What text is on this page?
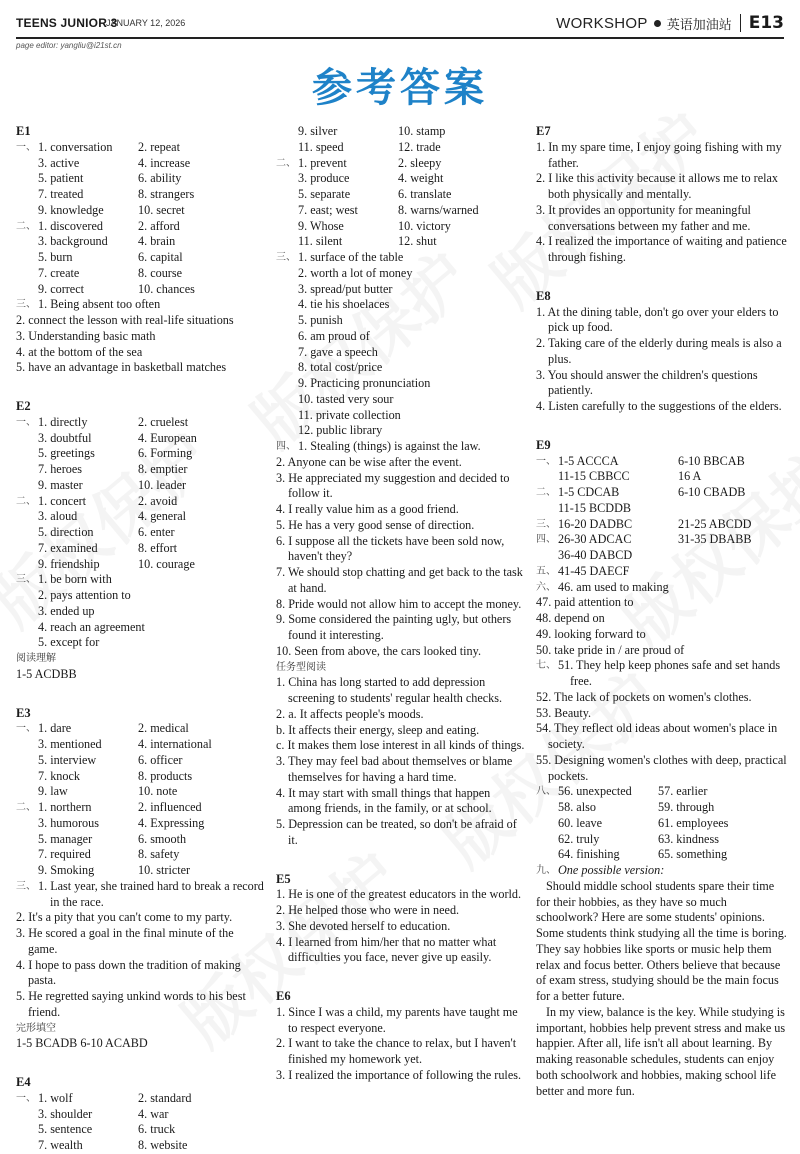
TEENS JUNIOR 3
JANUARY 12, 2026	WORKSHOP 英语加油站 E13
page editor: yangliu@i21st.cn
参考答案
E1
一、 1. conversation	2. repeat
3. active	4. increase
5. patient	6. ability
7. treated	8. strangers
9. knowledge	10. secret
二、 1. discovered	2. afford
3. background	4. brain
5. burn	6. capital
7. create	8. course
9. correct	10. chances
三、 1. Being absent too often
2. connect the lesson with real-life situations
3. Understanding basic math
4. at the bottom of the sea
5. have an advantage in basketball matches
E2
一、 1. directly	2. cruelest
3. doubtful	4. European
5. greetings	6. Forming
7. heroes	8. emptier
9. master	10. leader
二、 1. concert	2. avoid
3. aloud	4. general
5. direction	6. enter
7. examined	8. effort
9. friendship	10. courage
三、 1. be born with
2. pays attention to
3. ended up
4. reach an agreement
5. except for
阅读理解
1-5 ACDBB
E3
一、 1. dare	2. medical
3. mentioned	4. international
5. interview	6. officer
7. knock	8. products
9. law	10. note
二、 1. northern	2. influenced
3. humorous	4. Expressing
5. manager	6. smooth
7. required	8. safety
9. Smoking	10. stricter
三、 1. Last year, she trained hard to break a record in the race.
2. It's a pity that you can't come to my party.
3. He scored a goal in the final minute of the game.
4. I hope to pass down the tradition of making pasta.
5. He regretted saying unkind words to his best friend.
完形填空
1-5 BCADB 6-10 ACABD
E4
一、 1. wolf	2. standard
3. shoulder	4. war
5. sentence	6. truck
7. wealth	8. website
9. silver	10. stamp
11. speed	12. trade
二、 1. prevent	2. sleepy
3. produce	4. weight
5. separate	6. translate
7. east; west	8. warns/warned
9. Whose	10. victory
11. silent	12. shut
三、 1. surface of the table
2. worth a lot of money
3. spread/put butter
4. tie his shoelaces
5. punish
6. am proud of
7. gave a speech
8. total cost/price
9. Practicing pronunciation
10. tasted very sour
11. private collection
12. public library
四、 1. Stealing (things) is against the law.
2. Anyone can be wise after the event.
3. He appreciated my suggestion and decided to follow it.
4. I really value him as a good friend.
5. He has a very good sense of direction.
6. I suppose all the tickets have been sold now, haven't they?
7. We should stop chatting and get back to the task at hand.
8. Pride would not allow him to accept the money.
9. Some considered the painting ugly, but others found it interesting.
10. Seen from above, the cars looked tiny.
任务型阅读
1. China has long started to add depression screening to students' regular health checks.
2. a. It affects people's moods.
b. It affects their energy, sleep and eating.
c. It makes them lose interest in all kinds of things.
3. They may feel bad about themselves or blame themselves for having a hard time.
4. It may start with small things that happen among friends, in the family, or at school.
5. Depression can be treated, so don't be afraid of it.
E5
1. He is one of the greatest educators in the world.
2. He helped those who were in need.
3. She devoted herself to education.
4. I learned from him/her that no matter what difficulties you face, never give up easily.
E6
1. Since I was a child, my parents have taught me to respect everyone.
2. I want to take the chance to relax, but I haven't finished my homework yet.
3. I realized the importance of following the rules.
E7
1. In my spare time, I enjoy going fishing with my father.
2. I like this activity because it allows me to relax both physically and mentally.
3. It provides an opportunity for meaningful conversations between my father and me.
4. I realized the importance of waiting and patience through fishing.
E8
1. At the dining table, don't go over your elders to pick up food.
2. Taking care of the elderly during meals is also a plus.
3. You should answer the children's questions patiently.
4. Listen carefully to the suggestions of the elders.
E9
一、 1-5 ACCCA	6-10 BBCAB
11-15 CBBCC	16 A
二、 1-5 CDCAB	6-10 CBADB
11-15 BCDDB
三、 16-20 DADBC	21-25 ABCDD
四、 26-30 ADCAC	31-35 DBABB
36-40 DABCD
五、 41-45 DAECF
六、 46. am used to making
47. paid attention to
48. depend on
49. looking forward to
50. take pride in / are proud of
七、 51. They help keep phones safe and set hands free.
52. The lack of pockets on women's clothes.
53. Beauty.
54. They reflect old ideas about women's place in society.
55. Designing women's clothes with deep, practical pockets.
八、 56. unexpected	57. earlier
58. also	59. through
60. leave	61. employees
62. truly	63. kindness
64. finishing	65. something
九、 One possible version:

Should middle school students spare their time for their hobbies, as they have so much schoolwork? Here are some students' opinions. Some students think studying all the time is boring. They say hobbies like sports or music help them relax and focus better. Others believe that because of exam stress, studying should be the main focus for a better future.

In my view, balance is the key. While studying is important, hobbies help prevent stress and make us happier. After all, life isn't all about learning. By making reasonable schedules, students can enjoy both schoolwork and hobbies, making school life better and more fun.
